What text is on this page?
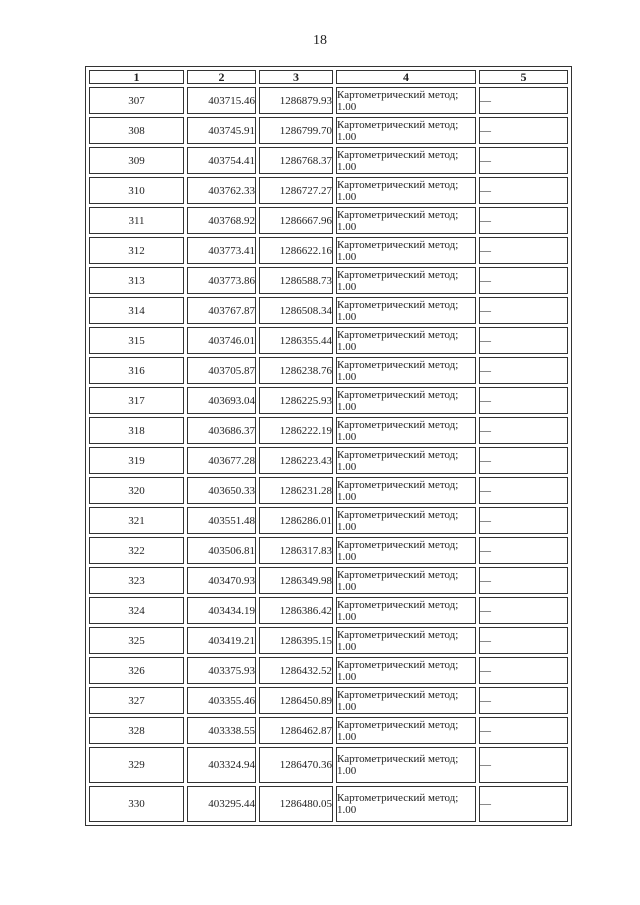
18
1	2	3	4	5
307	403715.46	1286879.93	Картометрический метод;
1.00	—
308	403745.91	1286799.70	Картометрический метод;
1.00	—
309	403754.41	1286768.37	Картометрический метод;
1.00	—
310	403762.33	1286727.27	Картометрический метод;
1.00	—
311	403768.92	1286667.96	Картометрический метод;
1.00	—
312	403773.41	1286622.16	Картометрический метод;
1.00	—
313	403773.86	1286588.73	Картометрический метод;
1.00	—
314	403767.87	1286508.34	Картометрический метод;
1.00	—
315	403746.01	1286355.44	Картометрический метод;
1.00	—
316	403705.87	1286238.76	Картометрический метод;
1.00	—
317	403693.04	1286225.93	Картометрический метод;
1.00	—
318	403686.37	1286222.19	Картометрический метод;
1.00	—
319	403677.28	1286223.43	Картометрический метод;
1.00	—
320	403650.33	1286231.28	Картометрический метод;
1.00	—
321	403551.48	1286286.01	Картометрический метод;
1.00	—
322	403506.81	1286317.83	Картометрический метод;
1.00	—
323	403470.93	1286349.98	Картометрический метод;
1.00	—
324	403434.19	1286386.42	Картометрический метод;
1.00	—
325	403419.21	1286395.15	Картометрический метод;
1.00	—
326	403375.93	1286432.52	Картометрический метод;
1.00	—
327	403355.46	1286450.89	Картометрический метод;
1.00	—
328	403338.55	1286462.87	Картометрический метод;
1.00	—
329	403324.94	1286470.36	Картометрический метод;
1.00	—
330	403295.44	1286480.05	Картометрический метод;
1.00	—
